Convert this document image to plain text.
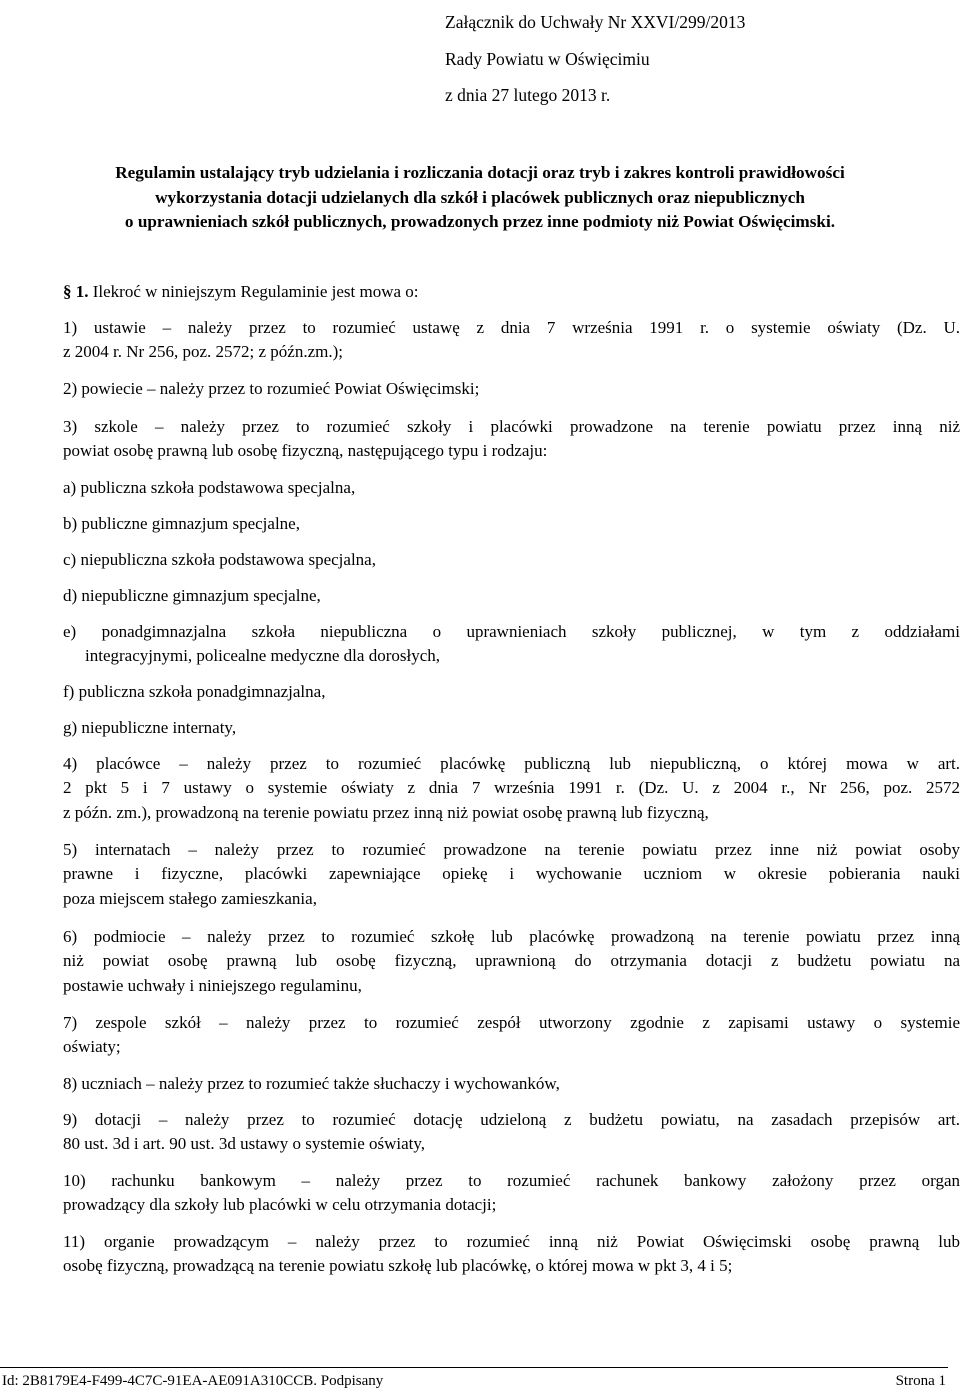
Załącznik do Uchwały Nr XXVI/299/2013
Rady Powiatu w Oświęcimiu
z dnia 27 lutego 2013 r.
Regulamin ustalający tryb udzielania i rozliczania dotacji oraz tryb i zakres kontroli prawidłowości
wykorzystania dotacji udzielanych dla szkół i placówek publicznych oraz niepublicznych
o uprawnieniach szkół publicznych, prowadzonych przez inne podmioty niż Powiat Oświęcimski.
§ 1. Ilekroć w niniejszym Regulaminie jest mowa o:
1) ustawie – należy przez to rozumieć ustawę z dnia 7 września 1991 r. o systemie oświaty (Dz. U.
z 2004 r. Nr 256, poz. 2572; z późn.zm.);
2) powiecie – należy przez to rozumieć Powiat Oświęcimski;
3) szkole – należy przez to rozumieć szkoły i placówki prowadzone na terenie powiatu przez inną niż
powiat osobę prawną lub osobę fizyczną, następującego typu i rodzaju:
a) publiczna szkoła podstawowa specjalna,
b) publiczne gimnazjum specjalne,
c) niepubliczna szkoła podstawowa specjalna,
d) niepubliczne gimnazjum specjalne,
e) ponadgimnazjalna szkoła niepubliczna o uprawnieniach szkoły publicznej, w tym z oddziałami
integracyjnymi, policealne medyczne dla dorosłych,
f) publiczna szkoła ponadgimnazjalna,
g) niepubliczne internaty,
4) placówce – należy przez to rozumieć placówkę publiczną lub niepubliczną, o której mowa w art.
2 pkt 5 i 7 ustawy o systemie oświaty z dnia 7 września 1991 r. (Dz. U. z 2004 r., Nr 256, poz. 2572
z późn. zm.), prowadzoną na terenie powiatu przez inną niż powiat osobę prawną lub fizyczną,
5) internatach – należy przez to rozumieć prowadzone na terenie powiatu przez inne niż powiat osoby
prawne i fizyczne, placówki zapewniające opiekę i wychowanie uczniom w okresie pobierania nauki
poza miejscem stałego zamieszkania,
6) podmiocie – należy przez to rozumieć szkołę lub placówkę prowadzoną na terenie powiatu przez inną
niż powiat osobę prawną lub osobę fizyczną, uprawnioną do otrzymania dotacji z budżetu powiatu na
postawie uchwały i niniejszego regulaminu,
7) zespole szkół – należy przez to rozumieć zespół utworzony zgodnie z zapisami ustawy o systemie
oświaty;
8) uczniach – należy przez to rozumieć także słuchaczy i wychowanków,
9) dotacji – należy przez to rozumieć dotację udzieloną z budżetu powiatu, na zasadach przepisów art.
80 ust. 3d i art. 90 ust. 3d ustawy o systemie oświaty,
10) rachunku bankowym – należy przez to rozumieć rachunek bankowy założony przez organ
prowadzący dla szkoły lub placówki w celu otrzymania dotacji;
11) organie prowadzącym – należy przez to rozumieć inną niż Powiat Oświęcimski osobę prawną lub
osobę fizyczną, prowadzącą na terenie powiatu szkołę lub placówkę, o której mowa w pkt 3, 4 i 5;
Id: 2B8179E4-F499-4C7C-91EA-AE091A310CCB. Podpisany	Strona 1
